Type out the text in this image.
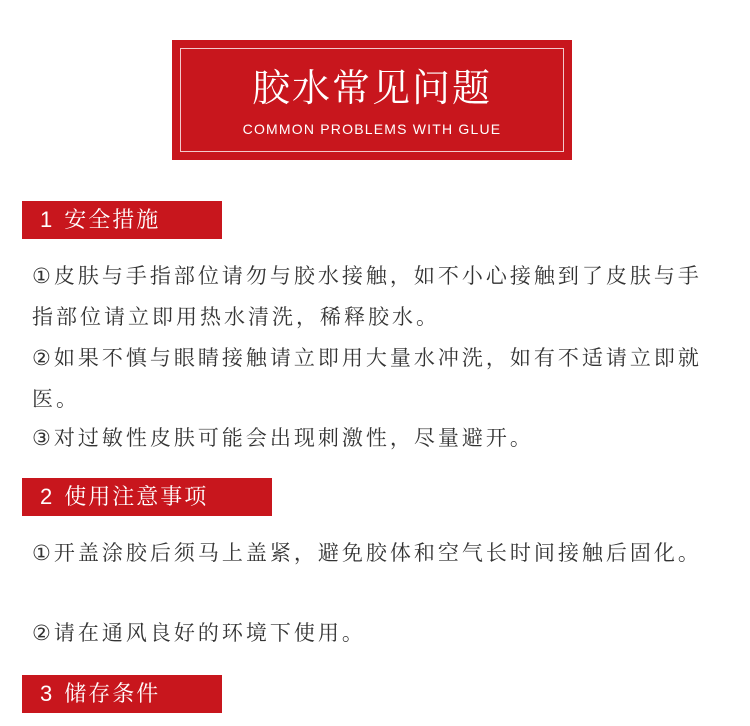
胶水常见问题
COMMON PROBLEMS WITH GLUE
1 安全措施

①皮肤与手指部位请勿与胶水接触，如不小心接触到了皮肤与手指部位请立即用热水清洗，稀释胶水。

②如果不慎与眼睛接触请立即用大量水冲洗，如有不适请立即就医。

③对过敏性皮肤可能会出现刺激性，尽量避开。

2 使用注意事项

①开盖涂胶后须马上盖紧，避免胶体和空气长时间接触后固化。

②请在通风良好的环境下使用。

3 储存条件
